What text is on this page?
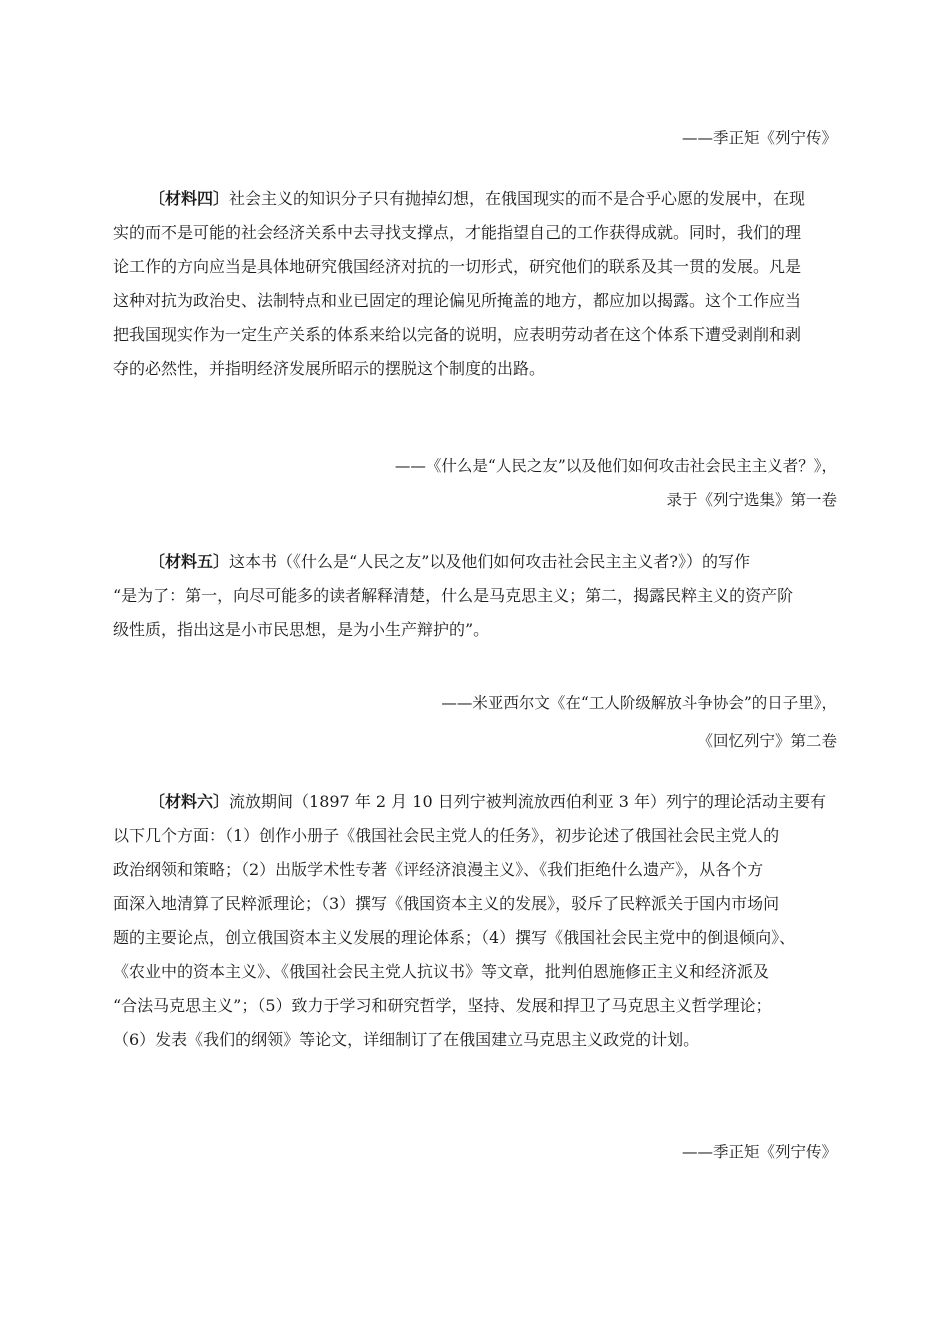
——季正矩《列宁传》
〔材料四〕社会主义的知识分子只有抛掉幻想，在俄国现实的而不是合乎心愿的发展中，在现
实的而不是可能的社会经济关系中去寻找支撑点，才能指望自己的工作获得成就。同时，我们的理
论工作的方向应当是具体地研究俄国经济对抗的一切形式，研究他们的联系及其一贯的发展。凡是
这种对抗为政治史、法制特点和业已固定的理论偏见所掩盖的地方，都应加以揭露。这个工作应当
把我国现实作为一定生产关系的体系来给以完备的说明，应表明劳动者在这个体系下遭受剥削和剥
夺的必然性，并指明经济发展所昭示的摆脱这个制度的出路。
——《什么是“人民之友”以及他们如何攻击社会民主主义者？》，
录于《列宁选集》第一卷
〔材料五〕这本书（《什么是“人民之友”以及他们如何攻击社会民主主义者?》）的写作
“是为了：第一，向尽可能多的读者解释清楚，什么是马克思主义；第二，揭露民粹主义的资产阶
级性质，指出这是小市民思想，是为小生产辩护的”。
——米亚西尔文《在“工人阶级解放斗争协会”的日子里》，
《回忆列宁》第二卷
〔材料六〕流放期间（1897 年 2 月 10 日列宁被判流放西伯利亚 3 年）列宁的理论活动主要有
以下几个方面：（1）创作小册子《俄国社会民主党人的任务》，初步论述了俄国社会民主党人的
政治纲领和策略；（2）出版学术性专著《评经济浪漫主义》、《我们拒绝什么遗产》，从各个方
面深入地清算了民粹派理论；（3）撰写《俄国资本主义的发展》，驳斥了民粹派关于国内市场问
题的主要论点，创立俄国资本主义发展的理论体系；（4）撰写《俄国社会民主党中的倒退倾向》、
《农业中的资本主义》、《俄国社会民主党人抗议书》等文章，批判伯恩施修正主义和经济派及
“合法马克思主义”；（5）致力于学习和研究哲学，坚持、发展和捍卫了马克思主义哲学理论；
（6）发表《我们的纲领》等论文，详细制订了在俄国建立马克思主义政党的计划。
——季正矩《列宁传》
